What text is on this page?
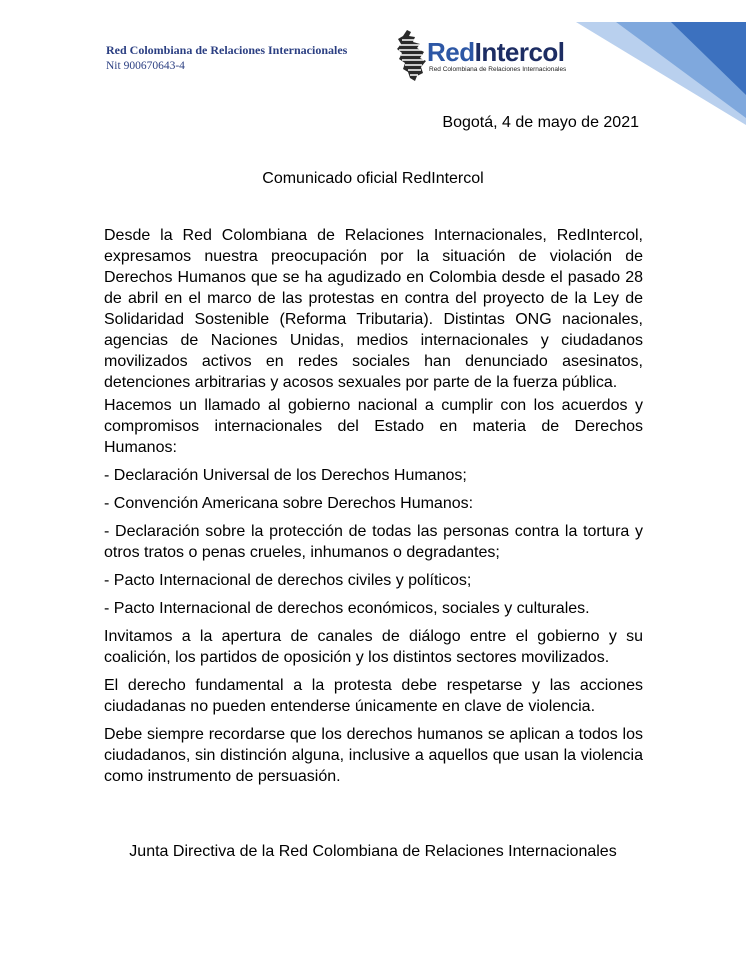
Red Colombiana de Relaciones Internacionales
Nit 900670643-4	RedIntercol
Red Colombiana de Relaciones Internacionales
Bogotá, 4 de mayo de 2021
Comunicado oficial RedIntercol

Desde la Red Colombiana de Relaciones Internacionales, RedIntercol, expresamos nuestra preocupación por la situación de violación de Derechos Humanos que se ha agudizado en Colombia desde el pasado 28 de abril en el marco de las protestas en contra del proyecto de la Ley de Solidaridad Sostenible (Reforma Tributaria). Distintas ONG nacionales, agencias de Naciones Unidas, medios internacionales y ciudadanos movilizados activos en redes sociales han denunciado asesinatos, detenciones arbitrarias y acosos sexuales por parte de la fuerza pública.

Hacemos un llamado al gobierno nacional a cumplir con los acuerdos y compromisos internacionales del Estado en materia de Derechos Humanos:

- Declaración Universal de los Derechos Humanos;

- Convención Americana sobre Derechos Humanos:

- Declaración sobre la protección de todas las personas contra la tortura y otros tratos o penas crueles, inhumanos o degradantes;

- Pacto Internacional de derechos civiles y políticos;

- Pacto Internacional de derechos económicos, sociales y culturales.

Invitamos a la apertura de canales de diálogo entre el gobierno y su coalición, los partidos de oposición y los distintos sectores movilizados.

El derecho fundamental a la protesta debe respetarse y las acciones ciudadanas no pueden entenderse únicamente en clave de violencia.

Debe siempre recordarse que los derechos humanos se aplican a todos los ciudadanos, sin distinción alguna, inclusive a aquellos que usan la violencia como instrumento de persuasión.

Junta Directiva de la Red Colombiana de Relaciones Internacionales
